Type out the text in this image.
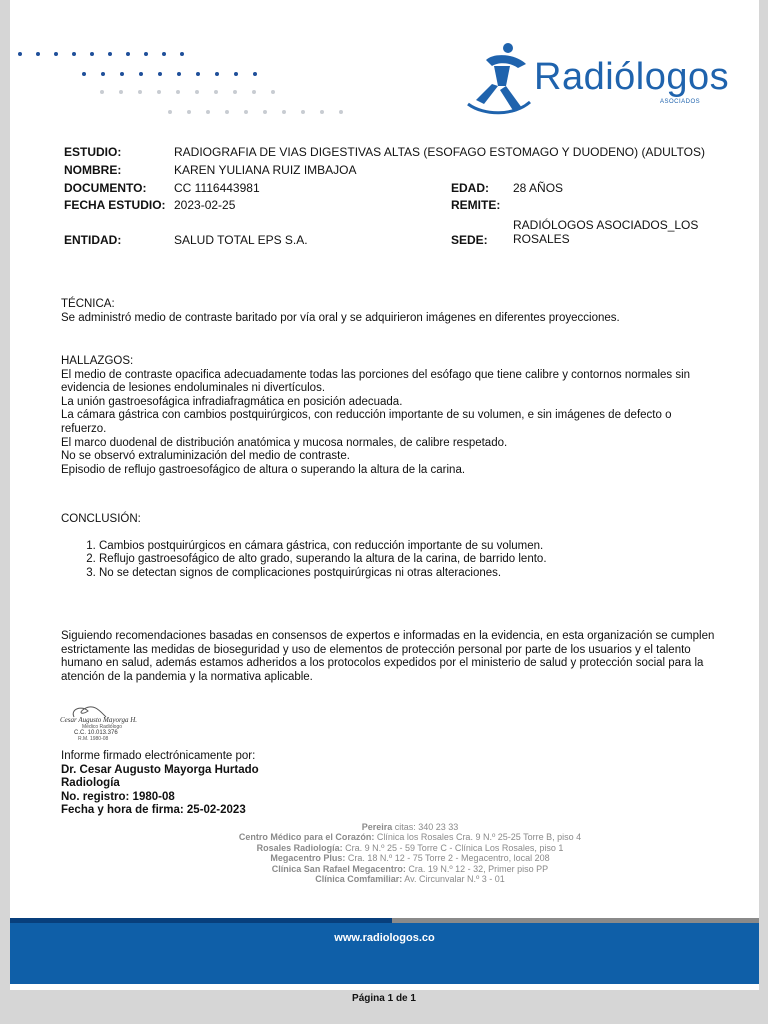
Radiólogos
ASOCIADOS
ESTUDIO:	RADIOGRAFIA DE VIAS DIGESTIVAS ALTAS (ESOFAGO ESTOMAGO Y DUODENO) (ADULTOS)
NOMBRE:	KAREN YULIANA RUIZ IMBAJOA
DOCUMENTO: CC 1116443981	EDAD: 28 AÑOS
FECHA ESTUDIO: 2023-02-25	REMITE:
ENTIDAD:	SALUD TOTAL EPS S.A.	SEDE:
RADIÓLOGOS ASOCIADOS_LOS
ROSALES

TÉCNICA:

Se administró medio de contraste baritado por vía oral y se adquirieron imágenes en diferentes proyecciones.

HALLAZGOS:

El medio de contraste opacifica adecuadamente todas las porciones del esófago que tiene calibre y contornos normales sin

evidencia de lesiones endoluminales ni divertículos.

La unión gastroesofágica infradiafragmática en posición adecuada.

La cámara gástrica con cambios postquirúrgicos, con reducción importante de su volumen, e sin imágenes de defecto o

refuerzo.

El marco duodenal de distribución anatómica y mucosa normales, de calibre respetado.

No se observó extraluminización del medio de contraste.

Episodio de reflujo gastroesofágico de altura o superando la altura de la carina.

CONCLUSIÓN:

1. Cambios postquirúrgicos en cámara gástrica, con reducción importante de su volumen.
2. Reflujo gastroesofágico de alto grado, superando la altura de la carina, de barrido lento.
3. No se detectan signos de complicaciones postquirúrgicas ni otras alteraciones.

Siguiendo recomendaciones basadas en consensos de expertos e informadas en la evidencia, en esta organización se cumplen

estrictamente las medidas de bioseguridad y uso de elementos de protección personal por parte de los usuarios y el talento

humano en salud, además estamos adheridos a los protocolos expedidos por el ministerio de salud y protección social para la

atención de la pandemia y la normativa aplicable.

Cesar Augusto Mayorga H.
Médico Radiólogo
C.C. 10.013.376
R.M. 1980-08
Informe firmado electrónicamente por:
Dr. Cesar Augusto Mayorga Hurtado
Radiología
No. registro: 1980-08
Fecha y hora de firma: 25-02-2023
Pereira citas: 340 23 33
Centro Médico para el Corazón: Clínica los Rosales Cra. 9 N.º 25-25 Torre B, piso 4
Rosales Radiología: Cra. 9 N.º 25 - 59 Torre C - Clínica Los Rosales, piso 1
Megacentro Plus: Cra. 18 N.º 12 - 75 Torre 2 - Megacentro, local 208
Clínica San Rafael Megacentro: Cra. 19 N.º 12 - 32, Primer piso PP
Clínica Comfamiliar: Av. Circunvalar N.º 3 - 01
www.radiologos.co
Página 1 de 1
